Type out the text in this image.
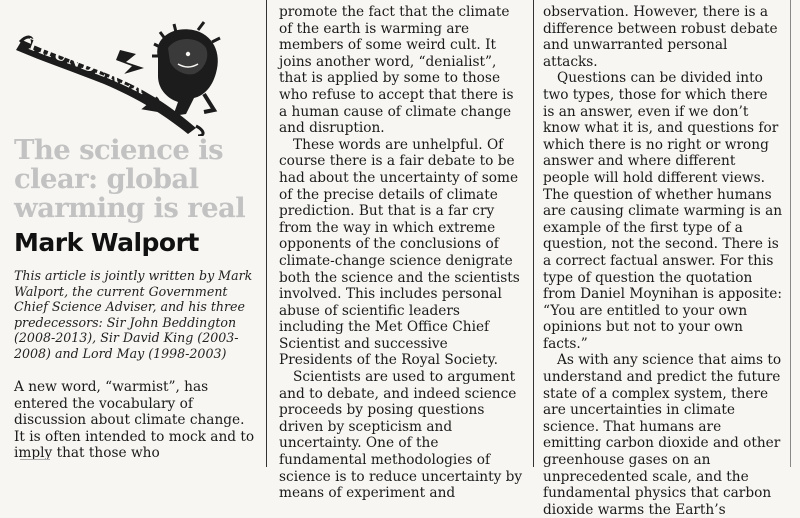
THUNDERER
The science is
clear: global
warming is real
Mark Walport
This article is jointly written by Mark Walport, the current Government Chief Science Adviser, and his three predecessors: Sir John Beddington (2008-2013), Sir David King (2003-2008) and Lord May (1998-2003)
A new word, “warmist”, has entered the vocabulary of discussion about climate change. It is often intended to mock and to imply that those who

promote the fact that the climate of the earth is warming are members of some weird cult. It joins another word, “denialist”, that is applied by some to those who refuse to accept that there is a human cause of climate change and disruption.

These words are unhelpful. Of course there is a fair debate to be had about the uncertainty of some of the precise details of climate prediction. But that is a far cry from the way in which extreme opponents of the conclusions of climate-change science denigrate both the science and the scientists involved. This includes personal abuse of scientific leaders including the Met Office Chief Scientist and successive Presidents of the Royal Society.

Scientists are used to argument and to debate, and indeed science proceeds by posing questions driven by scepticism and uncertainty. One of the fundamental methodologies of science is to reduce uncertainty by means of experiment and

observation. However, there is a difference between robust debate and unwarranted personal attacks.

Questions can be divided into two types, those for which there is an answer, even if we don’t know what it is, and questions for which there is no right or wrong answer and where different people will hold different views. The question of whether humans are causing climate warming is an example of the first type of a question, not the second. There is a correct factual answer. For this type of question the quotation from Daniel Moynihan is apposite: “You are entitled to your own opinions but not to your own facts.”

As with any science that aims to understand and predict the future state of a complex system, there are uncertainties in climate science. That humans are emitting carbon dioxide and other greenhouse gases on an unprecedented scale, and the fundamental physics that carbon dioxide warms the Earth’s
